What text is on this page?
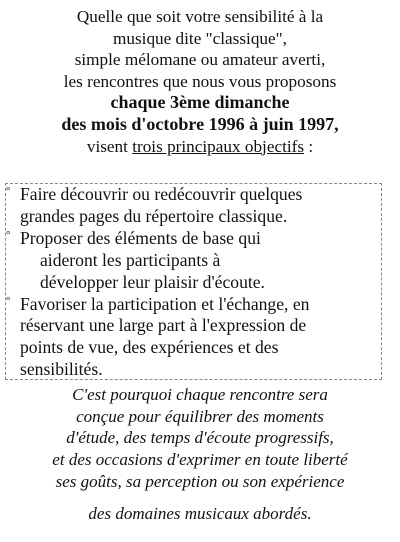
Quelle que soit votre sensibilité à la
musique dite "classique",
simple mélomane ou amateur averti,
les rencontres que nous vous proposons
chaque 3ème dimanche
des mois d'octobre 1996 à juin 1997,
visent trois principaux objectifs :
° Faire découvrir ou redécouvrir quelques
grandes pages du répertoire classique.
° Proposer des éléments de base qui
aideront les participants à
développer leur plaisir d'écoute.
° Favoriser la participation et l'échange, en
réservant une large part à l'expression de
points de vue, des expériences et des
sensibilités.
C'est pourquoi chaque rencontre sera
conçue pour équilibrer des moments
d'étude, des temps d'écoute progressifs,
et des occasions d'exprimer en toute liberté
ses goûts, sa perception ou son expérience
des domaines musicaux abordés.
